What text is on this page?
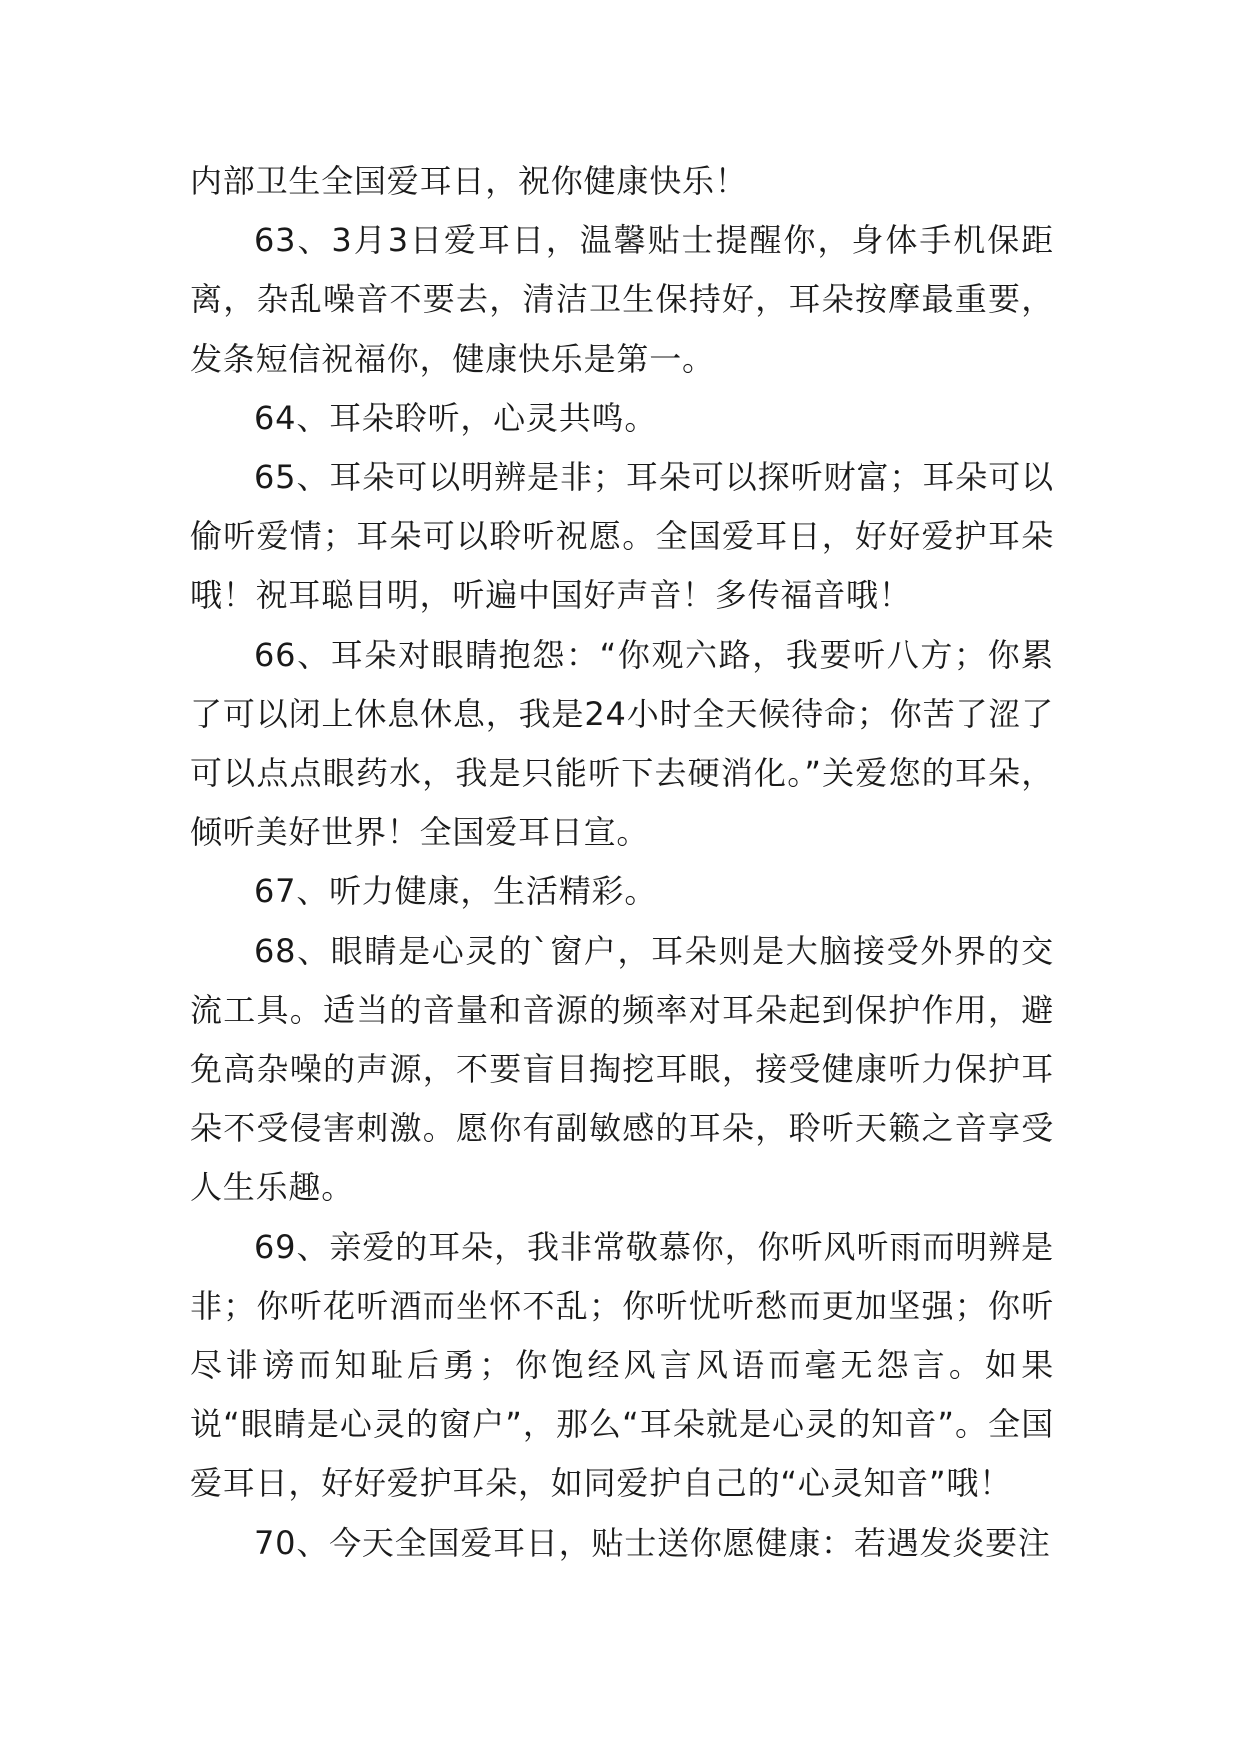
内部卫生全国爱耳日，祝你健康快乐！

63、3月3日爱耳日，温馨贴士提醒你，身体手机保距离，杂乱噪音不要去，清洁卫生保持好，耳朵按摩最重要，发条短信祝福你，健康快乐是第一。

64、耳朵聆听，心灵共鸣。

65、耳朵可以明辨是非；耳朵可以探听财富；耳朵可以偷听爱情；耳朵可以聆听祝愿。全国爱耳日，好好爱护耳朵哦！祝耳聪目明，听遍中国好声音！多传福音哦！

66、耳朵对眼睛抱怨：“你观六路，我要听八方；你累了可以闭上休息休息，我是24小时全天候待命；你苦了涩了可以点点眼药水，我是只能听下去硬消化。”关爱您的耳朵，倾听美好世界！全国爱耳日宣。

67、听力健康，生活精彩。

68、眼睛是心灵的`窗户，耳朵则是大脑接受外界的交流工具。适当的音量和音源的频率对耳朵起到保护作用，避免高杂噪的声源，不要盲目掏挖耳眼，接受健康听力保护耳朵不受侵害刺激。愿你有副敏感的耳朵，聆听天籁之音享受人生乐趣。

69、亲爱的耳朵，我非常敬慕你，你听风听雨而明辨是非；你听花听酒而坐怀不乱；你听忧听愁而更加坚强；你听尽诽谤而知耻后勇；你饱经风言风语而毫无怨言。如果说“眼睛是心灵的窗户”，那么“耳朵就是心灵的知音”。全国爱耳日，好好爱护耳朵，如同爱护自己的“心灵知音”哦！

70、今天全国爱耳日，贴士送你愿健康：若遇发炎要注
